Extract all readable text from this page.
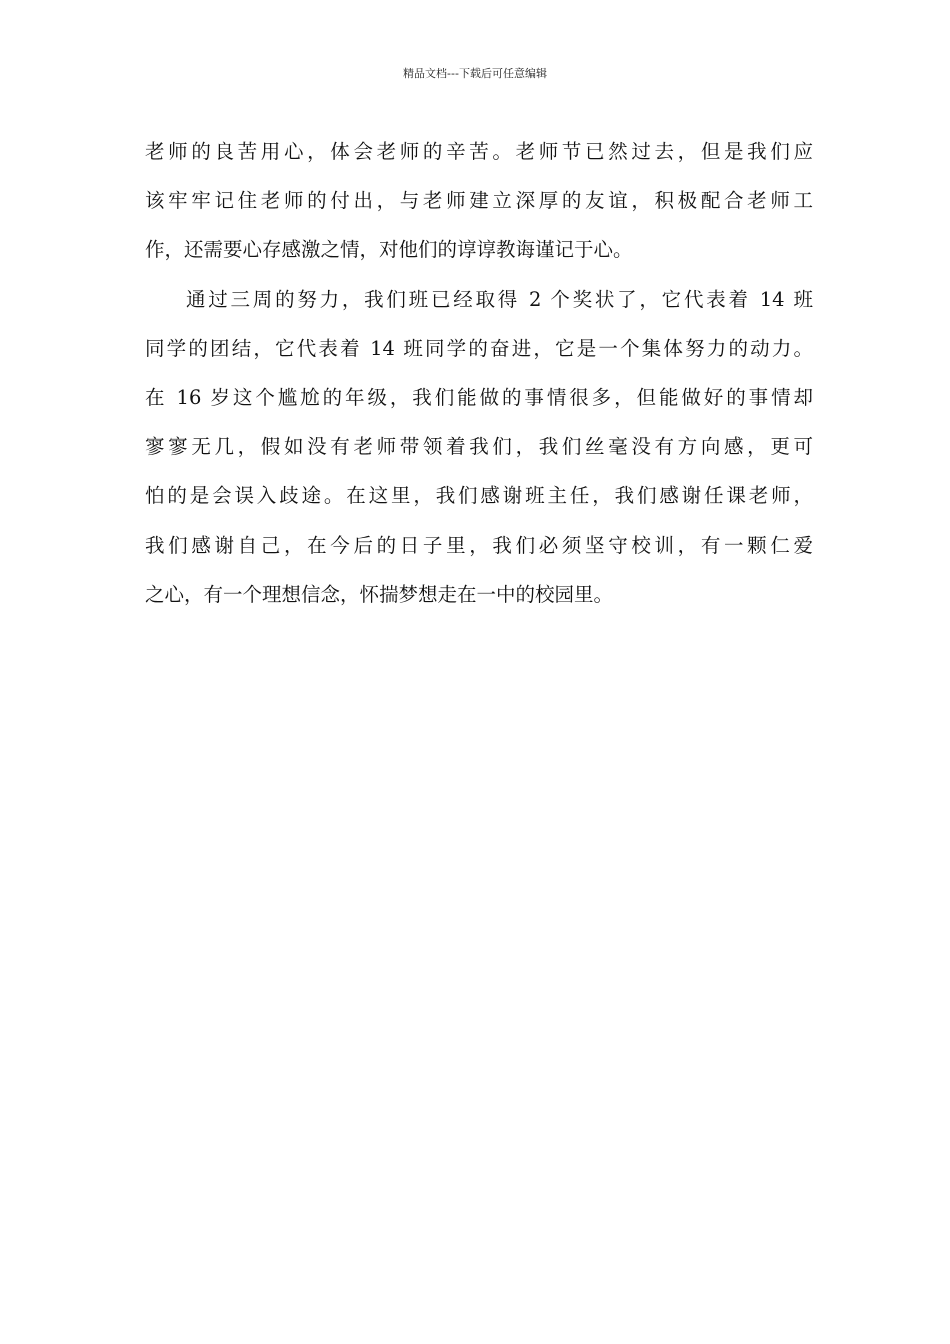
精品文档---下载后可任意编辑
老师的良苦用心，体会老师的辛苦。老师节已然过去，但是我们应
该牢牢记住老师的付出，与老师建立深厚的友谊，积极配合老师工
作，还需要心存感激之情，对他们的谆谆教诲谨记于心。
通过三周的努力，我们班已经取得 2 个奖状了，它代表着 14 班
同学的团结，它代表着 14 班同学的奋进，它是一个集体努力的动力。
在 16 岁这个尴尬的年级，我们能做的事情很多，但能做好的事情却
寥寥无几，假如没有老师带领着我们，我们丝毫没有方向感，更可
怕的是会误入歧途。在这里，我们感谢班主任，我们感谢任课老师，
我们感谢自己，在今后的日子里，我们必须坚守校训，有一颗仁爱
之心，有一个理想信念，怀揣梦想走在一中的校园里。
